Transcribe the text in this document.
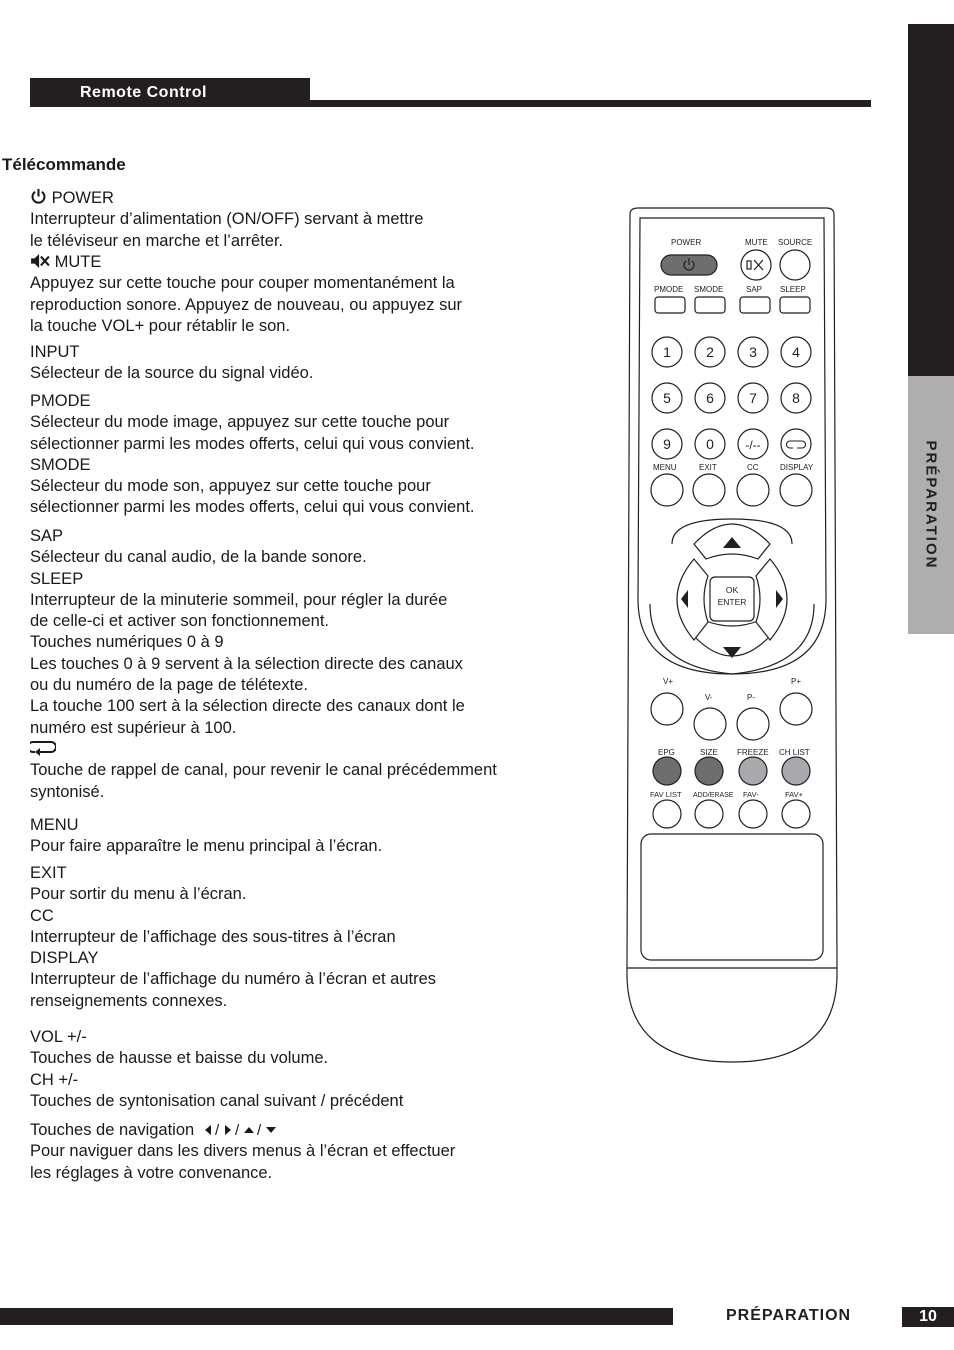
Remote Control
PRÉPARATION
Télécommande
POWER
Interrupteur d’alimentation (ON/OFF) servant à mettre
le téléviseur en marche et l’arrêter.
MUTE
Appuyez sur cette touche pour couper momentanément la
reproduction sonore. Appuyez de nouveau, ou appuyez sur
la touche VOL+ pour rétablir le son.
INPUT
Sélecteur de la source du signal vidéo.
PMODE
Sélecteur du mode image, appuyez sur cette touche pour
sélectionner parmi les modes offerts, celui qui vous convient.
SMODE
Sélecteur du mode son, appuyez sur cette touche pour
sélectionner parmi les modes offerts, celui qui vous convient.
SAP
Sélecteur du canal audio, de la bande sonore.
SLEEP
Interrupteur de la minuterie sommeil, pour régler la durée
de celle-ci et activer son fonctionnement.
Touches numériques 0 à 9
Les touches 0 à 9 servent à la sélection directe des canaux
ou du numéro de la page de télétexte.
La touche 100 sert à la sélection directe des canaux dont le
numéro est supérieur à 100.
Touche de rappel de canal, pour revenir le canal précédemment
syntonisé.
MENU
Pour faire apparaître le menu principal à l’écran.
EXIT
Pour sortir du menu à l’écran.
CC
Interrupteur de l’affichage des sous-titres à l’écran
DISPLAY
Interrupteur de l’affichage du numéro à l’écran et autres
renseignements connexes.
VOL +/-
Touches de hausse et baisse du volume.
CH +/-
Touches de syntonisation canal suivant / précédent
Touches de navigation / / /
Pour naviguer dans les divers menus à l’écran et effectuer
les réglages à votre convenance.
POWER	MUTE SOURCE
PMODE SMODE	SAP SLEEP
1	2	3	4
5	6	7	8
9	0	-/--
MENU	EXIT	CC	DISPLAY
OK
ENTER
V+
V-	P-
P+
EPG	SIZE FREEZE CH LIST
FAV LIST ADD/ERASE FAV-	FAV+
PRÉPARATION	10
